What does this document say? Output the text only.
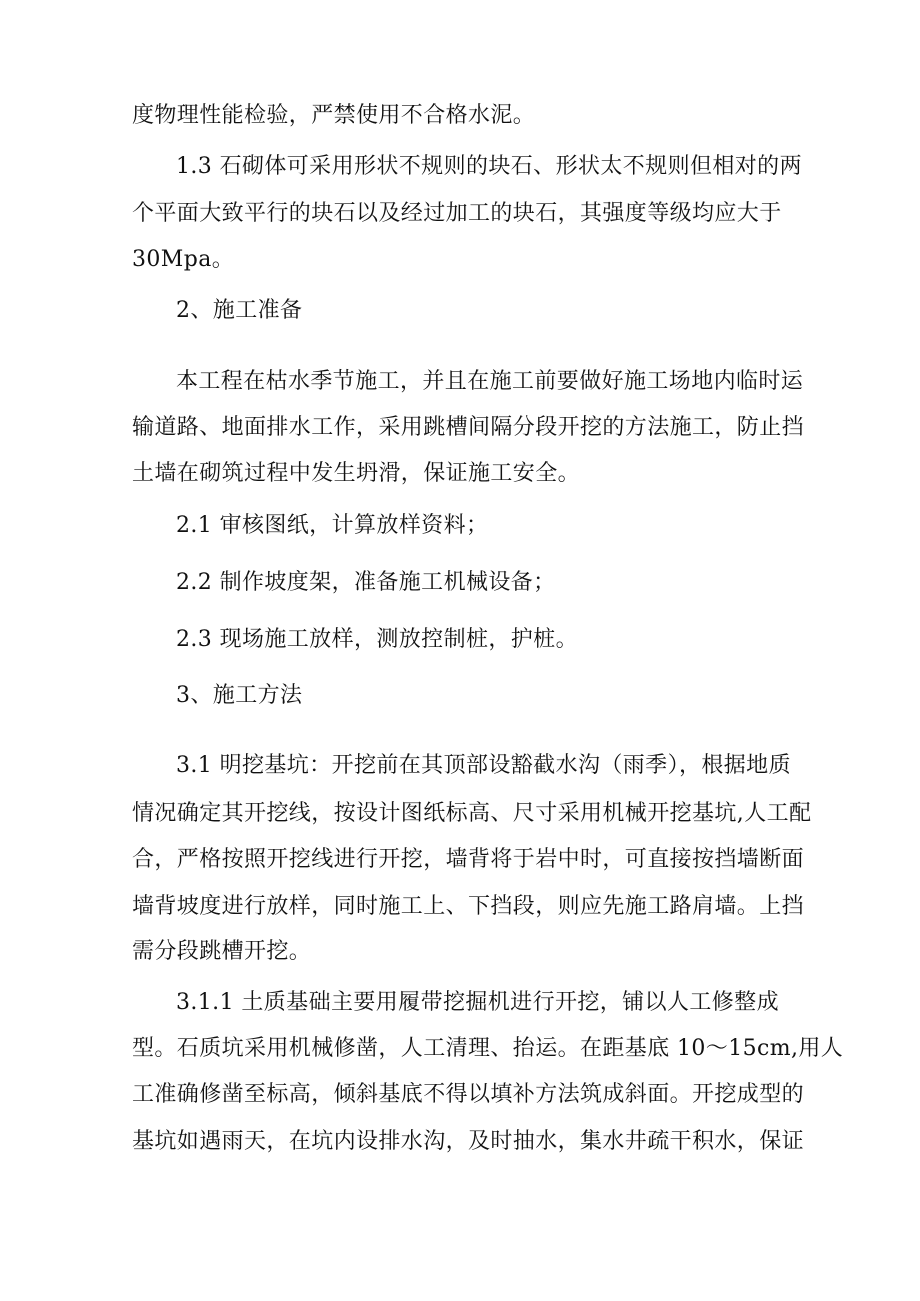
度物理性能检验，严禁使用不合格水泥。
1.3 石砌体可采用形状不规则的块石、形状太不规则但相对的两
个平面大致平行的块石以及经过加工的块石，其强度等级均应大于
30Mpa。
2、施工准备
本工程在枯水季节施工，并且在施工前要做好施工场地内临时运
输道路、地面排水工作，采用跳槽间隔分段开挖的方法施工，防止挡
土墙在砌筑过程中发生坍滑，保证施工安全。
2.1 审核图纸，计算放样资料；
2.2 制作坡度架，准备施工机械设备；
2.3 现场施工放样，测放控制桩，护桩。
3、施工方法
3.1 明挖基坑：开挖前在其顶部设豁截水沟（雨季），根据地质
情况确定其开挖线，按设计图纸标高、尺寸采用机械开挖基坑,人工配
合，严格按照开挖线进行开挖，墙背将于岩中时，可直接按挡墙断面
墙背坡度进行放样，同时施工上、下挡段，则应先施工路肩墙。上挡
需分段跳槽开挖。
3.1.1 土质基础主要用履带挖掘机进行开挖，铺以人工修整成
型。石质坑采用机械修凿，人工清理、抬运。在距基底 10～15cm,用人
工准确修凿至标高，倾斜基底不得以填补方法筑成斜面。开挖成型的
基坑如遇雨天，在坑内设排水沟，及时抽水，集水井疏干积水，保证
